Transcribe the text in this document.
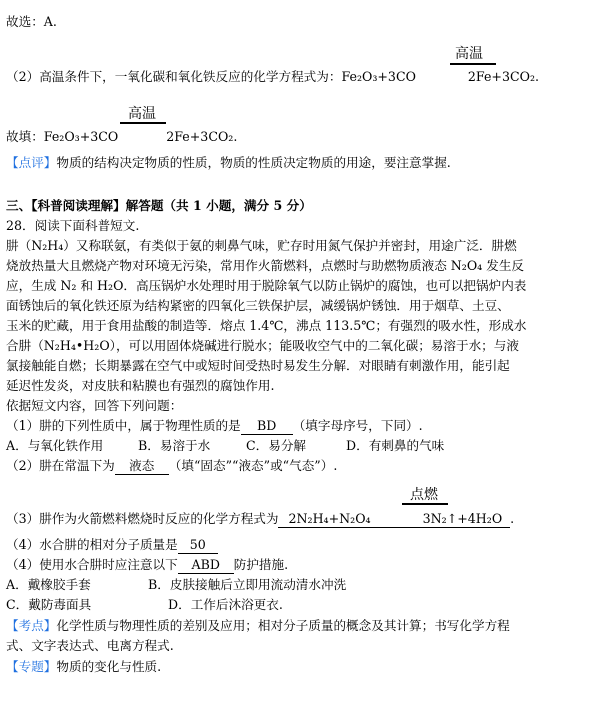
故选：A.
高温
（2）高温条件下，一氧化碳和氧化铁反应的化学方程式为：Fe₂O₃+3CO	2Fe+3CO₂.
高温
故填：Fe₂O₃+3CO	2Fe+3CO₂.
【点评】物质的结构决定物质的性质，物质的性质决定物质的用途，要注意掌握.
三、【科普阅读理解】解答题（共 1 小题，满分 5 分）
28．阅读下面科普短文.
肼（N₂H₄）又称联氨，有类似于氨的刺鼻气味，贮存时用氮气保护并密封，用途广泛．肼燃
烧放热量大且燃烧产物对环境无污染，常用作火箭燃料，点燃时与助燃物质液态 N₂O₄ 发生反
应，生成 N₂ 和 H₂O．高压锅炉水处理时用于脱除氧气以防止锅炉的腐蚀，也可以把锅炉内表
面锈蚀后的氧化铁还原为结构紧密的四氧化三铁保护层，减缓锅炉锈蚀．用于烟草、土豆、
玉米的贮藏，用于食用盐酸的制造等．熔点 1.4℃，沸点 113.5℃；有强烈的吸水性，形成水
合肼（N₂H₄•H₂O），可以用固体烧碱进行脱水；能吸收空气中的二氧化碳；易溶于水；与液
氯接触能自燃；长期暴露在空气中或短时间受热时易发生分解．对眼睛有刺激作用，能引起
延迟性发炎，对皮肤和粘膜也有强烈的腐蚀作用.
依据短文内容，回答下列问题：
（1）肼的下列性质中，属于物理性质的是 BD （填字母序号，下同）.
A．与氧化铁作用	B．易溶于水	C．易分解	D．有刺鼻的气味
（2）肼在常温下为 液态 （填“固态”“液态”或“气态”）.
点燃
（3）肼作为火箭燃料燃烧时反应的化学方程式为 2N₂H₄+N₂O₄	3N₂↑+4H₂O .
（4）水合肼的相对分子质量是 50
（4）使用水合肼时应注意以下 ABD 防护措施.
A．戴橡胶手套	B．皮肤接触后立即用流动清水冲洗
C．戴防毒面具	D．工作后沐浴更衣.
【考点】化学性质与物理性质的差别及应用；相对分子质量的概念及其计算；书写化学方程
式、文字表达式、电离方程式.
【专题】物质的变化与性质.
